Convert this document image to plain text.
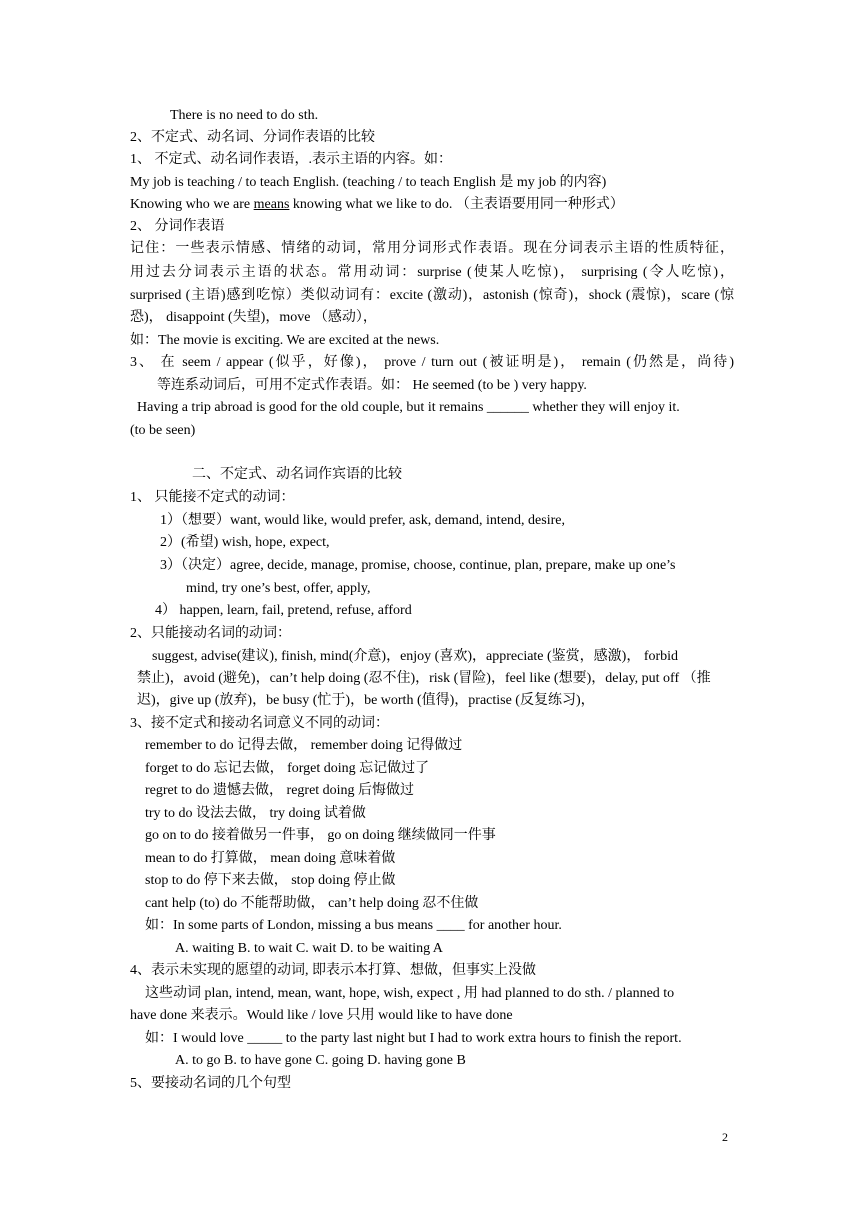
There is no need to do sth.
2、不定式、动名词、分词作表语的比较
1、 不定式、动名词作表语，.表示主语的内容。如：
My job is teaching / to teach English. (teaching / to teach English 是 my job 的内容)
Knowing who we are means knowing what we like to do. （主表语要用同一种形式）
2、 分词作表语
记住：一些表示情感、情绪的动词，常用分词形式作表语。现在分词表示主语的性质特征，
用过去分词表示主语的状态。常用动词：surprise (使某人吃惊)， surprising (令人吃惊)，
surprised (主语)感到吃惊）类似动词有：excite (激动)，astonish (惊奇)，shock (震惊)，scare (惊
恐)， disappoint (失望)，move （感动），
如：The movie is exciting. We are excited at the news.
3、 在 seem / appear (似乎，好像)， prove / turn out (被证明是)， remain (仍然是，尚待)
等连系动词后，可用不定式作表语。如： He seemed (to be ) very happy.
Having a trip abroad is good for the old couple, but it remains ______ whether they will enjoy it.
(to be seen)
二、不定式、动名词作宾语的比较
1、 只能接不定式的动词：
1）（想要）want, would like, would prefer, ask, demand, intend, desire,
2）(希望) wish, hope, expect,
3）（决定）agree, decide, manage, promise, choose, continue, plan, prepare, make up one’s
mind, try one’s best, offer, apply,
4） happen, learn, fail, pretend, refuse, afford
2、只能接动名词的动词：
suggest, advise(建议), finish, mind(介意)，enjoy (喜欢)，appreciate (鉴赏，感激)， forbid
禁止)，avoid (避免)，can’t help doing (忍不住)，risk (冒险)，feel like (想要)，delay, put off （推
迟)，give up (放弃)，be busy (忙于)，be worth (值得)，practise (反复练习)，
3、接不定式和接动名词意义不同的动词：
remember to do 记得去做， remember doing 记得做过
forget to do 忘记去做， forget doing 忘记做过了
regret to do 遗憾去做， regret doing 后悔做过
try to do 设法去做， try doing 试着做
go on to do 接着做另一件事， go on doing 继续做同一件事
mean to do 打算做， mean doing 意味着做
stop to do 停下来去做， stop doing 停止做
cant help (to) do 不能帮助做， can’t help doing 忍不住做
如：In some parts of London, missing a bus means ____ for another hour.
A. waiting B. to wait C. wait D. to be waiting A
4、表示未实现的愿望的动词, 即表示本打算、想做，但事实上没做
这些动词 plan, intend, mean, want, hope, wish, expect , 用 had planned to do sth. / planned to
have done 来表示。Would like / love 只用 would like to have done
如：I would love _____ to the party last night but I had to work extra hours to finish the report.
A. to go B. to have gone C. going D. having gone B
5、要接动名词的几个句型
2
